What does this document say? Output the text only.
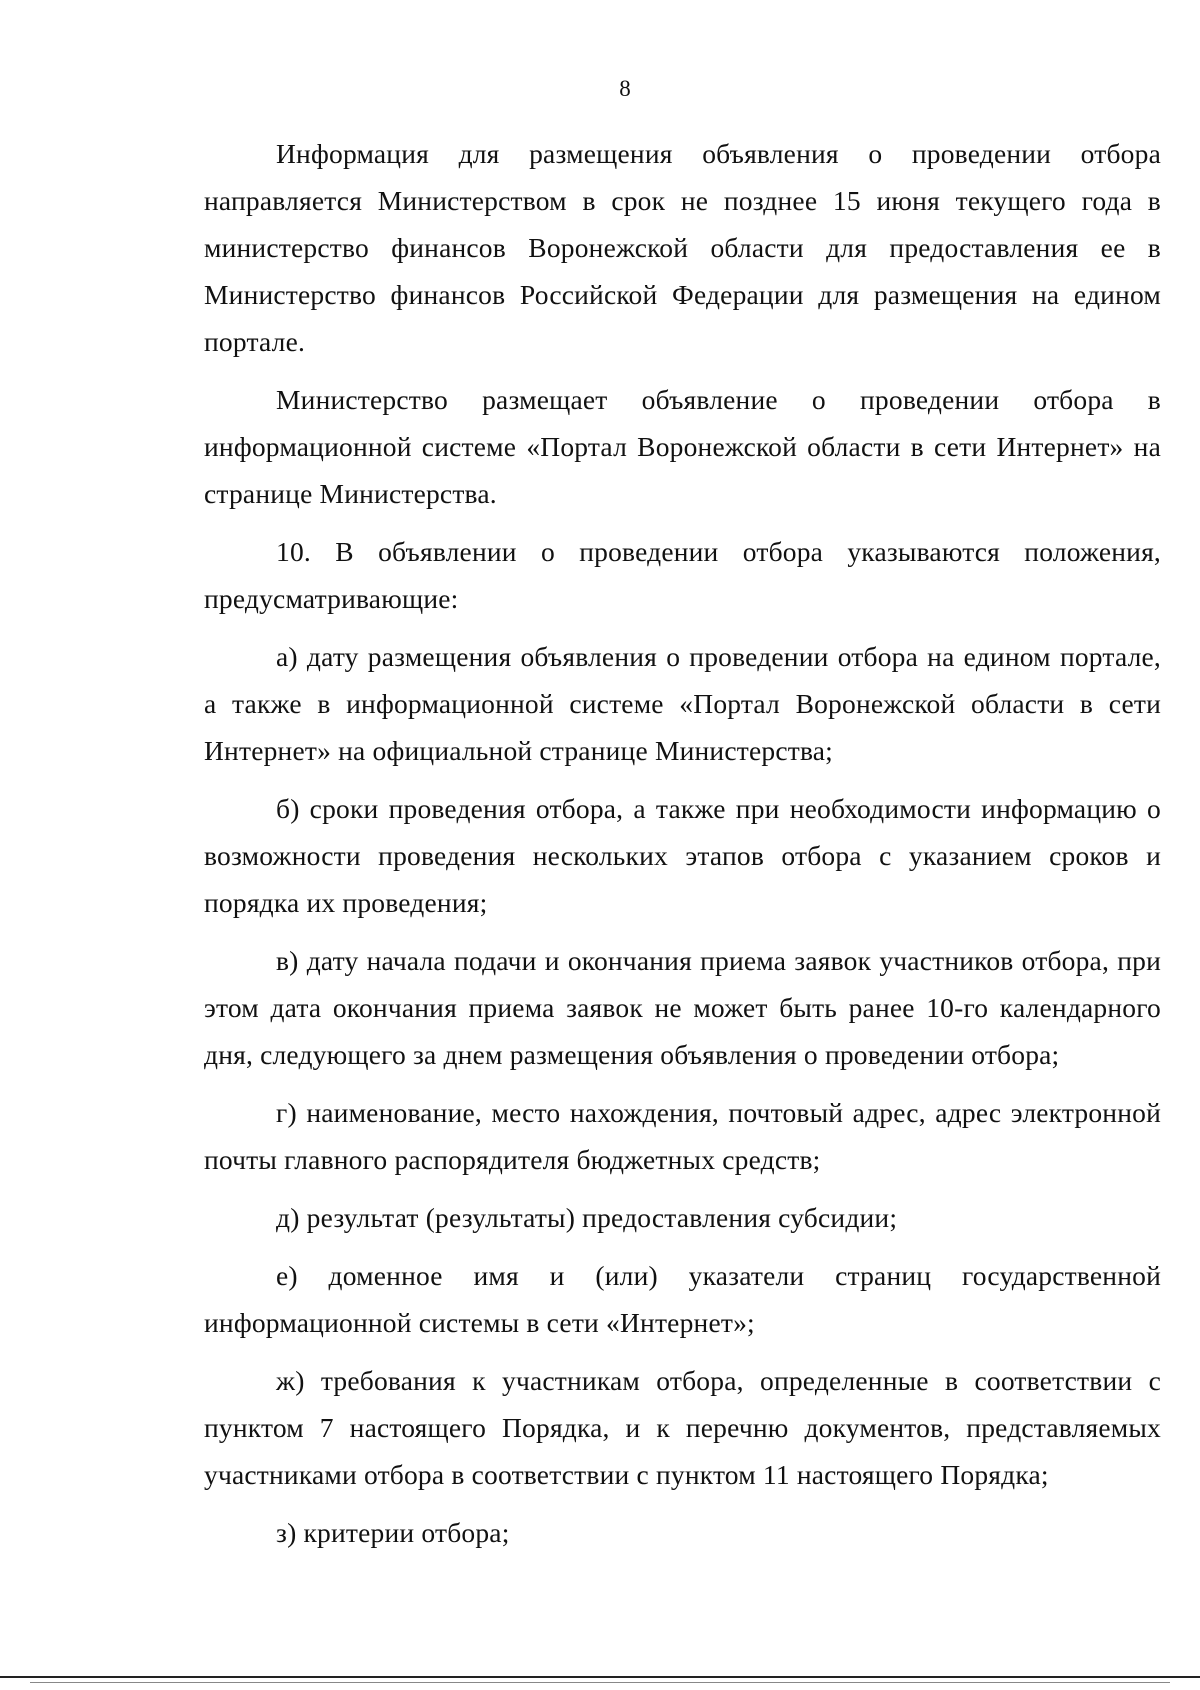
8

Информация для размещения объявления о проведении отбора направляется Министерством в срок не позднее 15 июня текущего года в министерство финансов Воронежской области для предоставления ее в Министерство финансов Российской Федерации для размещения на едином портале.

Министерство размещает объявление о проведении отбора в информационной системе «Портал Воронежской области в сети Интернет» на странице Министерства.

10. В объявлении о проведении отбора указываются положения, предусматривающие:

а) дату размещения объявления о проведении отбора на едином портале, а также в информационной системе «Портал Воронежской области в сети Интернет» на официальной странице Министерства;

б) сроки проведения отбора, а также при необходимости информацию о возможности проведения нескольких этапов отбора с указанием сроков и порядка их проведения;

в) дату начала подачи и окончания приема заявок участников отбора, при этом дата окончания приема заявок не может быть ранее 10-го календарного дня, следующего за днем размещения объявления о проведении отбора;

г) наименование, место нахождения, почтовый адрес, адрес электронной почты главного распорядителя бюджетных средств;

д) результат (результаты) предоставления субсидии;

е) доменное имя и (или) указатели страниц государственной информационной системы в сети «Интернет»;

ж) требования к участникам отбора, определенные в соответствии с пунктом 7 настоящего Порядка, и к перечню документов, представляемых участниками отбора в соответствии с пунктом 11 настоящего Порядка;

з) критерии отбора;
